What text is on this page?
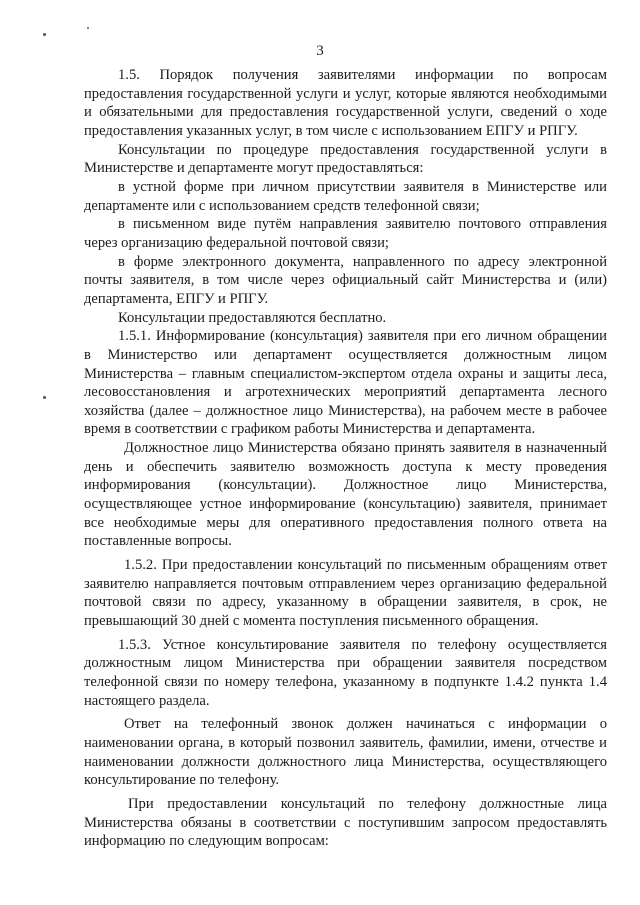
3

1.5. Порядок получения заявителями информации по вопросам предоставления государственной услуги и услуг, которые являются необходимыми и обязательными для предоставления государственной услуги, сведений о ходе предоставления указанных услуг, в том числе с использованием ЕПГУ и РПГУ.

Консультации по процедуре предоставления государственной услуги в Министерстве и департаменте могут предоставляться:

в устной форме при личном присутствии заявителя в Министерстве или департаменте или с использованием средств телефонной связи;

в письменном виде путём направления заявителю почтового отправления через организацию федеральной почтовой связи;

в форме электронного документа, направленного по адресу электронной почты заявителя, в том числе через официальный сайт Министерства и (или) департамента, ЕПГУ и РПГУ.

Консультации предоставляются бесплатно.

1.5.1. Информирование (консультация) заявителя при его личном обращении в Министерство или департамент осуществляется должностным лицом Министерства – главным специалистом-экспертом отдела охраны и защиты леса, лесовосстановления и агротехнических мероприятий департамента лесного хозяйства (далее – должностное лицо Министерства), на рабочем месте в рабочее время в соответствии с графиком работы Министерства и департамента.

Должностное лицо Министерства обязано принять заявителя в назначенный день и обеспечить заявителю возможность доступа к месту проведения информирования (консультации). Должностное лицо Министерства, осуществляющее устное информирование (консультацию) заявителя, принимает все необходимые меры для оперативного предоставления полного ответа на поставленные вопросы.

1.5.2. При предоставлении консультаций по письменным обращениям ответ заявителю направляется почтовым отправлением через организацию федеральной почтовой связи по адресу, указанному в обращении заявителя, в срок, не превышающий 30 дней с момента поступления письменного обращения.

1.5.3. Устное консультирование заявителя по телефону осуществляется должностным лицом Министерства при обращении заявителя посредством телефонной связи по номеру телефона, указанному в подпункте 1.4.2 пункта 1.4 настоящего раздела.

Ответ на телефонный звонок должен начинаться с информации о наименовании органа, в который позвонил заявитель, фамилии, имени, отчестве и наименовании должности должностного лица Министерства, осуществляющего консультирование по телефону.

При предоставлении консультаций по телефону должностные лица Министерства обязаны в соответствии с поступившим запросом предоставлять информацию по следующим вопросам:
